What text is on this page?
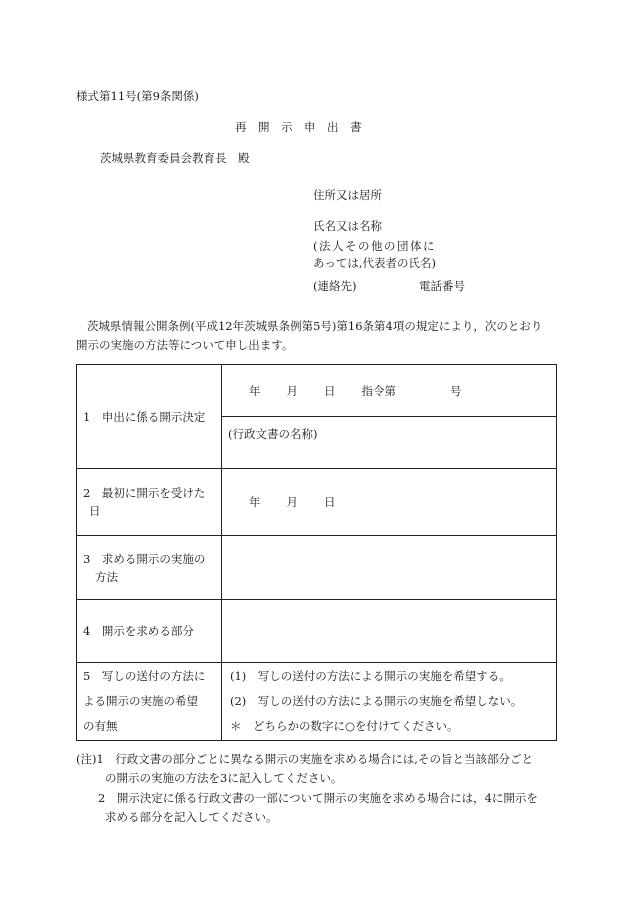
様式第11号(第9条関係)
再　開　示　申　出　書
茨城県教育委員会教育長　殿
住所又は居所
氏名又は名称
(法人その他の団体に
あっては,代表者の氏名)
(連絡先)	電話番号
茨城県情報公開条例(平成12年茨城県条例第5号)第16条第4項の規定により，次のとおり
開示の実施の方法等について申し出ます。
1　申出に係る開示決定	年 月 日 指令第 号

	(行政文書の名称)

2　最初に開示を受けた
日	年 月 日

3　求める開示の実施の
方法	

4　開示を求める部分	

5　写しの送付の方法に
よる開示の実施の希望
の有無	(1)　写しの送付の方法による開示の実施を希望する。
(2)　写しの送付の方法による開示の実施を希望しない。
＊　どちらかの数字に○を付けてください。
(注)1　行政文書の部分ごとに異なる開示の実施を求める場合には,その旨と当該部分ごと
の開示の実施の方法を3に記入してください。
2　開示決定に係る行政文書の一部について開示の実施を求める場合には，4に開示を
求める部分を記入してください。
